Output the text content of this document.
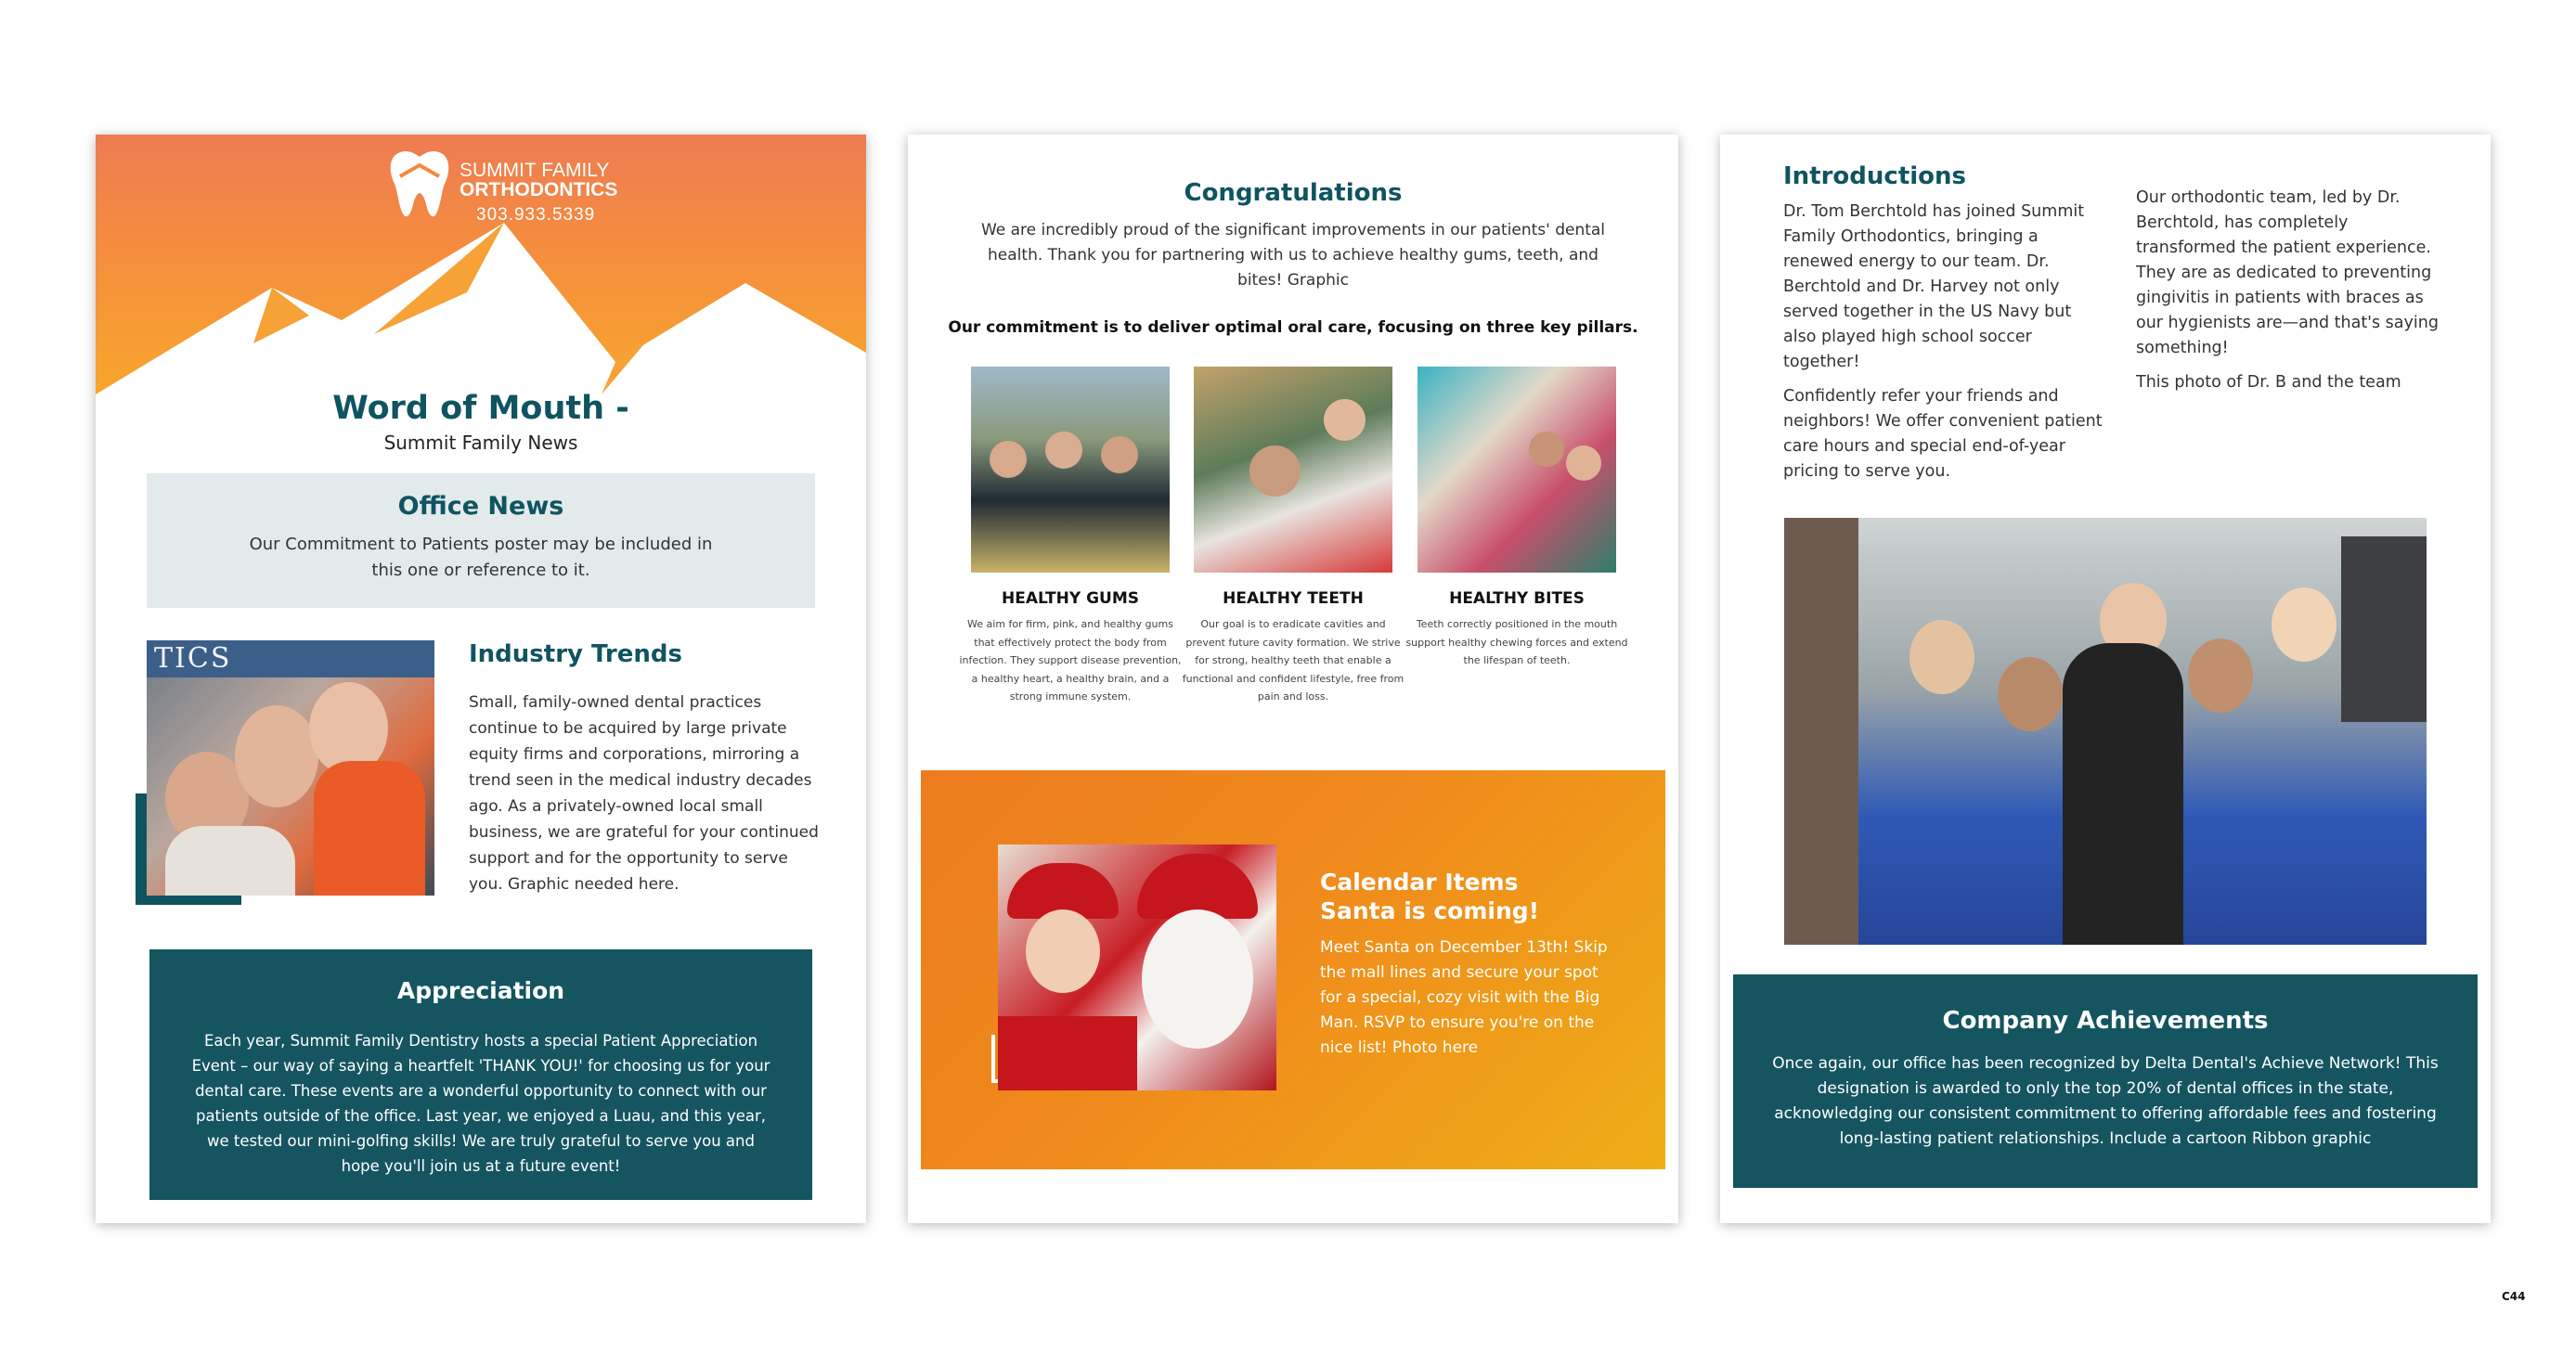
SUMMIT FAMILY
ORTHODONTICS
303.933.5339
Word of Mouth -
Summit Family News
Office News
Our Commitment to Patients poster may be included in this one or reference to it.
TICS	Industry Trends
Small, family-owned dental practices continue to be acquired by large private equity firms and corporations, mirroring a trend seen in the medical industry decades ago. As a privately-owned local small business, we are grateful for your continued support and for the opportunity to serve you. Graphic needed here.
Appreciation
Each year, Summit Family Dentistry hosts a special Patient Appreciation Event – our way of saying a heartfelt 'THANK YOU!' for choosing us for your dental care. These events are a wonderful opportunity to connect with our patients outside of the office. Last year, we enjoyed a Luau, and this year, we tested our mini-golfing skills! We are truly grateful to serve you and hope you'll join us at a future event!
Congratulations
We are incredibly proud of the significant improvements in our patients' dental health. Thank you for partnering with us to achieve healthy gums, teeth, and bites! Graphic
Our commitment is to deliver optimal oral care, focusing on three key pillars.
HEALTHY GUMS
We aim for firm, pink, and healthy gums that effectively protect the body from infection. They support disease prevention, a healthy heart, a healthy brain, and a strong immune system.
HEALTHY TEETH
Our goal is to eradicate cavities and prevent future cavity formation. We strive for strong, healthy teeth that enable a functional and confident lifestyle, free from pain and loss.
HEALTHY BITES
Teeth correctly positioned in the mouth support healthy chewing forces and extend the lifespan of teeth.
Calendar Items
Santa is coming!
Meet Santa on December 13th! Skip the mall lines and secure your spot for a special, cozy visit with the Big Man. RSVP to ensure you're on the nice list! Photo here
Introductions

Dr. Tom Berchtold has joined Summit Family Orthodontics, bringing a renewed energy to our team. Dr. Berchtold and Dr. Harvey not only served together in the US Navy but also played high school soccer together!

Confidently refer your friends and neighbors! We offer convenient patient care hours and special end-of-year pricing to serve you.

Our orthodontic team, led by Dr. Berchtold, has completely transformed the patient experience. They are as dedicated to preventing gingivitis in patients with braces as our hygienists are—and that's saying something!

This photo of Dr. B and the team

Company Achievements
Once again, our office has been recognized by Delta Dental's Achieve Network! This designation is awarded to only the top 20% of dental offices in the state, acknowledging our consistent commitment to offering affordable fees and fostering long-lasting patient relationships. Include a cartoon Ribbon graphic
C44
